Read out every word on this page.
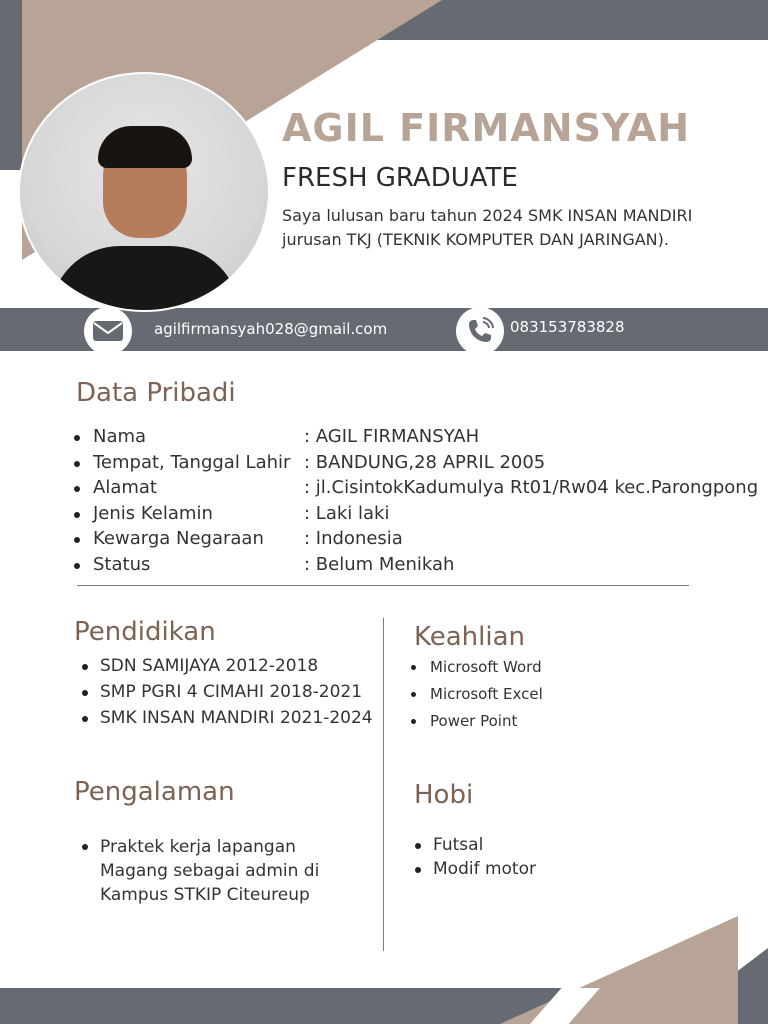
AGIL FIRMANSYAH
FRESH GRADUATE
Saya lulusan baru tahun 2024 SMK INSAN MANDIRI jurusan TKJ (TEKNIK KOMPUTER DAN JARINGAN).
agilfirmansyah028@gmail.com	083153783828
Data Pribadi
Nama	: AGIL FIRMANSYAH
Tempat, Tanggal Lahir : BANDUNG,28 APRIL 2005
Alamat	: jl.CisintokKadumulya Rt01/Rw04 kec.Parongpong
Jenis Kelamin	: Laki laki
Kewarga Negaraan : Indonesia
Status	: Belum Menikah
Pendidikan
SDN SAMIJAYA 2012-2018
SMP PGRI 4 CIMAHI 2018-2021
SMK INSAN MANDIRI 2021-2024
Keahlian
Microsoft Word
Microsoft Excel
Power Point
Pengalaman
Praktek kerja lapangan
Magang sebagai admin di
Kampus STKIP Citeureup
Hobi
Futsal
Modif motor
